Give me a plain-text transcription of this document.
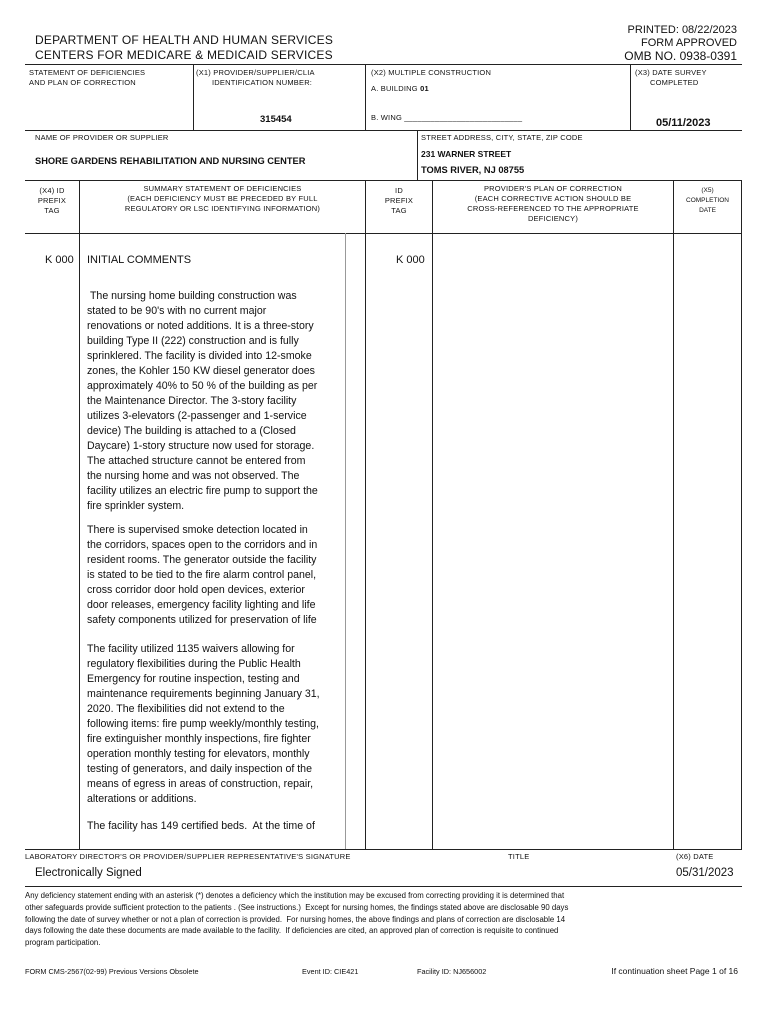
DEPARTMENT OF HEALTH AND HUMAN SERVICES
CENTERS FOR MEDICARE & MEDICAID SERVICES
PRINTED: 08/22/2023
FORM APPROVED
OMB NO. 0938-0391
STATEMENT OF DEFICIENCIES
AND PLAN OF CORRECTION
(X1) PROVIDER/SUPPLIER/CLIA
IDENTIFICATION NUMBER:
315454
(X2) MULTIPLE CONSTRUCTION
A. BUILDING 01
B. WING ___________________________
(X3) DATE SURVEY
COMPLETED
05/11/2023
NAME OF PROVIDER OR SUPPLIER
SHORE GARDENS REHABILITATION AND NURSING CENTER
STREET ADDRESS, CITY, STATE, ZIP CODE
231 WARNER STREET
TOMS RIVER, NJ 08755
(X4) ID
PREFIX
TAG
SUMMARY STATEMENT OF DEFICIENCIES
(EACH DEFICIENCY MUST BE PRECEDED BY FULL
REGULATORY OR LSC IDENTIFYING INFORMATION)
ID
PREFIX
TAG
PROVIDER'S PLAN OF CORRECTION
(EACH CORRECTIVE ACTION SHOULD BE
CROSS-REFERENCED TO THE APPROPRIATE
DEFICIENCY)
(X5)
COMPLETION
DATE
K 000 INITIAL COMMENTS	K 000
The nursing home building construction was
stated to be 90's with no current major
renovations or noted additions. It is a three-story
building Type II (222) construction and is fully
sprinklered. The facility is divided into 12-smoke
zones, the Kohler 150 KW diesel generator does
approximately 40% to 50 % of the building as per
the Maintenance Director. The 3-story facility
utilizes 3-elevators (2-passenger and 1-service
device) The building is attached to a (Closed
Daycare) 1-story structure now used for storage.
The attached structure cannot be entered from
the nursing home and was not observed. The
facility utilizes an electric fire pump to support the
fire sprinkler system.
There is supervised smoke detection located in
the corridors, spaces open to the corridors and in
resident rooms. The generator outside the facility
is stated to be tied to the fire alarm control panel,
cross corridor door hold open devices, exterior
door releases, emergency facility lighting and life
safety components utilized for preservation of life
The facility utilized 1135 waivers allowing for
regulatory flexibilities during the Public Health
Emergency for routine inspection, testing and
maintenance requirements beginning January 31,
2020. The flexibilities did not extend to the
following items: fire pump weekly/monthly testing,
fire extinguisher monthly inspections, fire fighter
operation monthly testing for elevators, monthly
testing of generators, and daily inspection of the
means of egress in areas of construction, repair,
alterations or additions.
The facility has 149 certified beds.  At the time of
LABORATORY DIRECTOR'S OR PROVIDER/SUPPLIER REPRESENTATIVE'S SIGNATURE
Electronically Signed
TITLE	(X6) DATE
05/31/2023
Any deficiency statement ending with an asterisk (*) denotes a deficiency which the institution may be excused from correcting providing it is determined that
other safeguards provide sufficient protection to the patients . (See instructions.)  Except for nursing homes, the findings stated above are disclosable 90 days
following the date of survey whether or not a plan of correction is provided.  For nursing homes, the above findings and plans of correction are disclosable 14
days following the date these documents are made available to the facility.  If deficiencies are cited, an approved plan of correction is requisite to continued
program participation.
FORM CMS-2567(02-99) Previous Versions Obsolete	Event ID: CIE421	Facility ID: NJ656002	If continuation sheet Page 1 of 16
